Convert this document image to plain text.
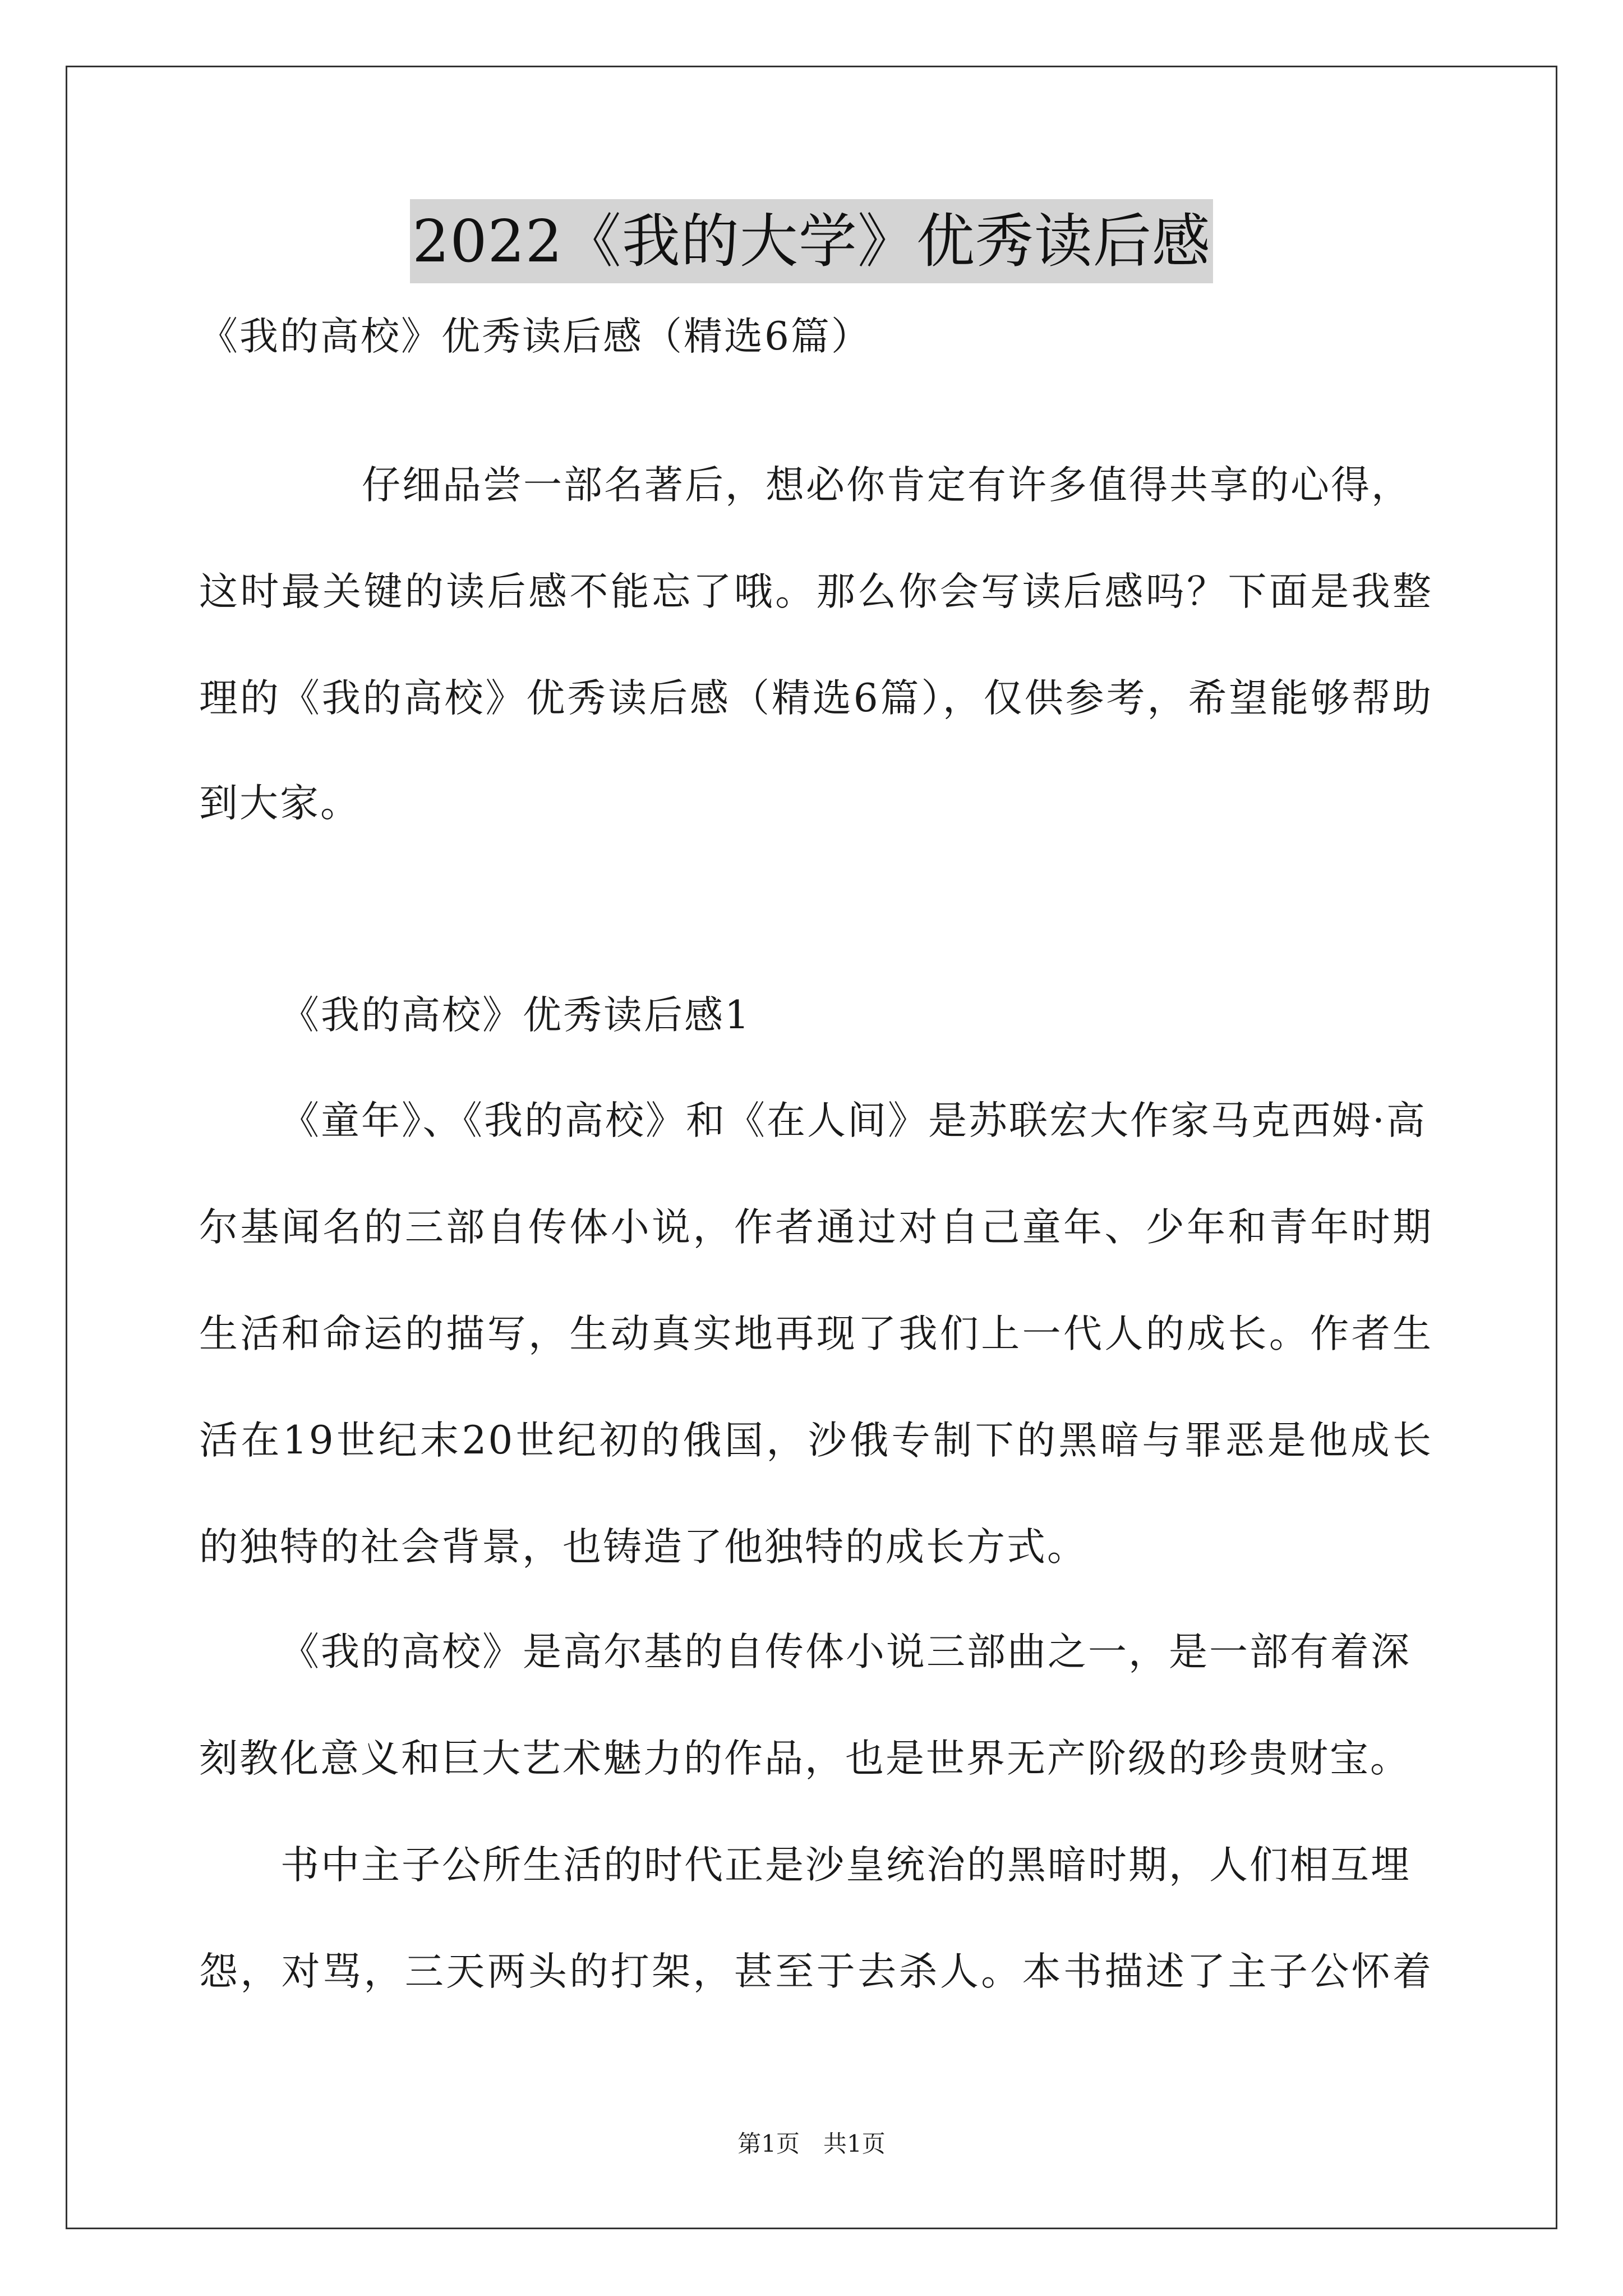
2022《我的大学》优秀读后感
《我的高校》优秀读后感（精选6篇）
仔细品尝一部名著后，想必你肯定有许多值得共享的心得，
这时最关键的读后感不能忘了哦。那么你会写读后感吗？下面是我整
理的《我的高校》优秀读后感（精选6篇），仅供参考，希望能够帮助
到大家。
《我的高校》优秀读后感1
《童年》、《我的高校》和《在人间》是苏联宏大作家马克西姆·高
尔基闻名的三部自传体小说，作者通过对自己童年、少年和青年时期
生活和命运的描写，生动真实地再现了我们上一代人的成长。作者生
活在19世纪末20世纪初的俄国，沙俄专制下的黑暗与罪恶是他成长
的独特的社会背景，也铸造了他独特的成长方式。
《我的高校》是高尔基的自传体小说三部曲之一，是一部有着深
刻教化意义和巨大艺术魅力的作品，也是世界无产阶级的珍贵财宝。
书中主子公所生活的时代正是沙皇统治的黑暗时期，人们相互埋
怨，对骂，三天两头的打架，甚至于去杀人。本书描述了主子公怀着
第1页　共1页
